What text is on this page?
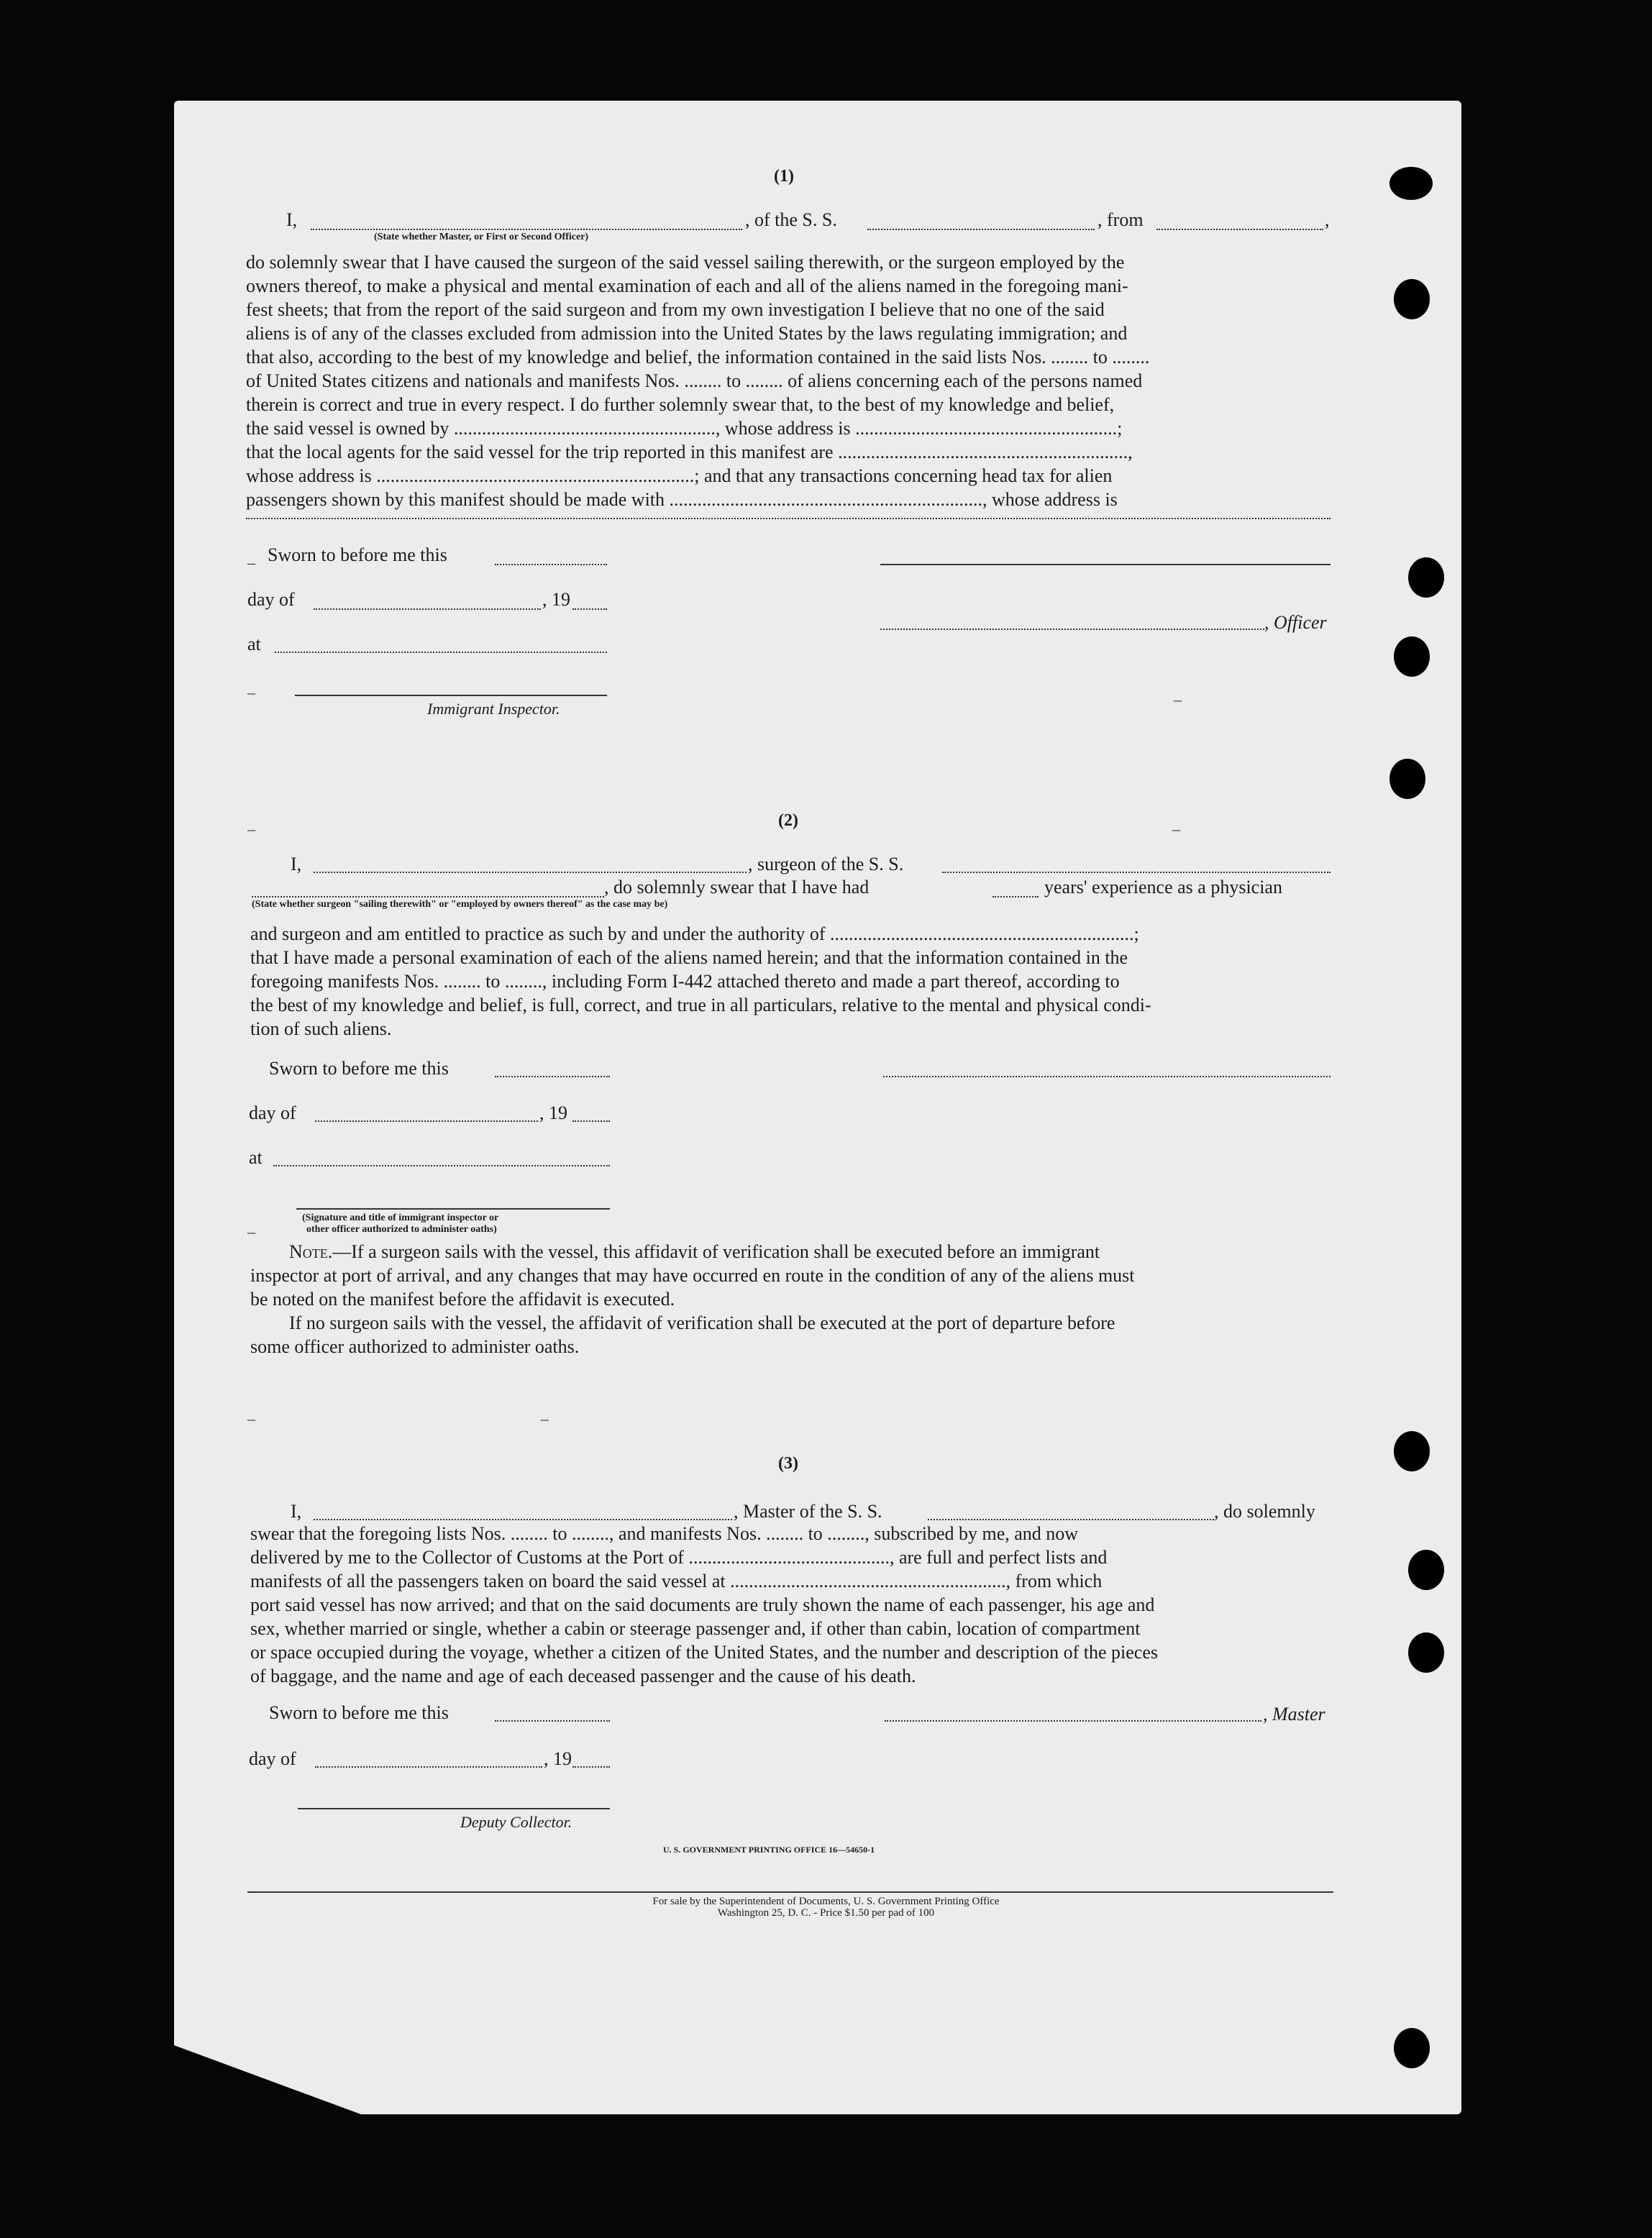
(1)
I,	, of the S. S.	, from	,
(State whether Master, or First or Second Officer)

do solemnly swear that I have caused the surgeon of the said vessel sailing therewith, or the surgeon employed by the

owners thereof, to make a physical and mental examination of each and all of the aliens named in the foregoing mani-

fest sheets; that from the report of the said surgeon and from my own investigation I believe that no one of the said

aliens is of any of the classes excluded from admission into the United States by the laws regulating immigration; and

that also, according to the best of my knowledge and belief, the information contained in the said lists Nos. ........ to ........

of United States citizens and nationals and manifests Nos. ........ to ........ of aliens concerning each of the persons named

therein is correct and true in every respect. I do further solemnly swear that, to the best of my knowledge and belief,

the said vessel is owned by ........................................................, whose address is ........................................................;

that the local agents for the said vessel for the trip reported in this manifest are ..............................................................,

whose address is ....................................................................; and that any transactions concerning head tax for alien

passengers shown by this manifest should be made with ..................................................................., whose address is

_ Sworn to before me this
day of	, 19
, Officer
at
–
Immigrant Inspector.
–
–	(2)	–
I,	, surgeon of the S. S.
, do solemnly swear that I have had	years' experience as a physician
(State whether surgeon "sailing therewith" or "employed by owners thereof" as the case may be)

and surgeon and am entitled to practice as such by and under the authority of .................................................................;

that I have made a personal examination of each of the aliens named herein; and that the information contained in the

foregoing manifests Nos. ........ to ........, including Form I-442 attached thereto and made a part thereof, according to

the best of my knowledge and belief, is full, correct, and true in all particulars, relative to the mental and physical condi-

tion of such aliens.

Sworn to before me this
day of	, 19
at
(Signature and title of immigrant inspector or
other officer authorized to administer oaths)
–

Note.—If a surgeon sails with the vessel, this affidavit of verification shall be executed before an immigrant

inspector at port of arrival, and any changes that may have occurred en route in the condition of any of the aliens must

be noted on the manifest before the affidavit is executed.

If no surgeon sails with the vessel, the affidavit of verification shall be executed at the port of departure before

some officer authorized to administer oaths.

–	–
(3)
I,	, Master of the S. S.	, do solemnly

swear that the foregoing lists Nos. ........ to ........, and manifests Nos. ........ to ........, subscribed by me, and now

delivered by me to the Collector of Customs at the Port of ..........................................., are full and perfect lists and

manifests of all the passengers taken on board the said vessel at ..........................................................., from which

port said vessel has now arrived; and that on the said documents are truly shown the name of each passenger, his age and

sex, whether married or single, whether a cabin or steerage passenger and, if other than cabin, location of compartment

or space occupied during the voyage, whether a citizen of the United States, and the number and description of the pieces

of baggage, and the name and age of each deceased passenger and the cause of his death.

Sworn to before me this	, Master
day of	, 19
Deputy Collector.
U. S. GOVERNMENT PRINTING OFFICE 16—54650-1
For sale by the Superintendent of Documents, U. S. Government Printing Office
Washington 25, D. C. - Price $1.50 per pad of 100
